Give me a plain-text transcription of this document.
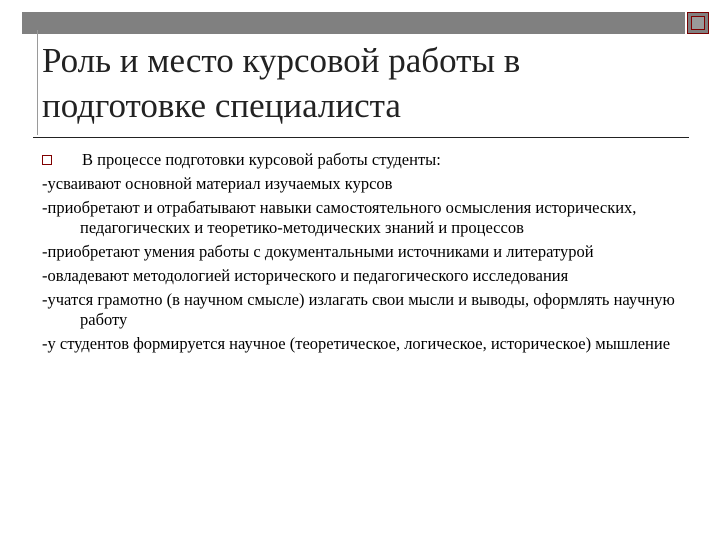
Роль и место курсовой работы в подготовке специалиста

В процессе подготовки курсовой работы студенты:

-усваивают основной материал изучаемых курсов

-приобретают и отрабатывают навыки самостоятельного осмысления исторических, педагогических и теоретико-методических знаний и процессов

-приобретают умения работы с документальными источниками и литературой

-овладевают методологией исторического и педагогического исследования

-учатся грамотно (в научном смысле) излагать свои мысли и выводы, оформлять научную работу

-у студентов формируется научное (теоретическое, логическое, историческое) мышление
